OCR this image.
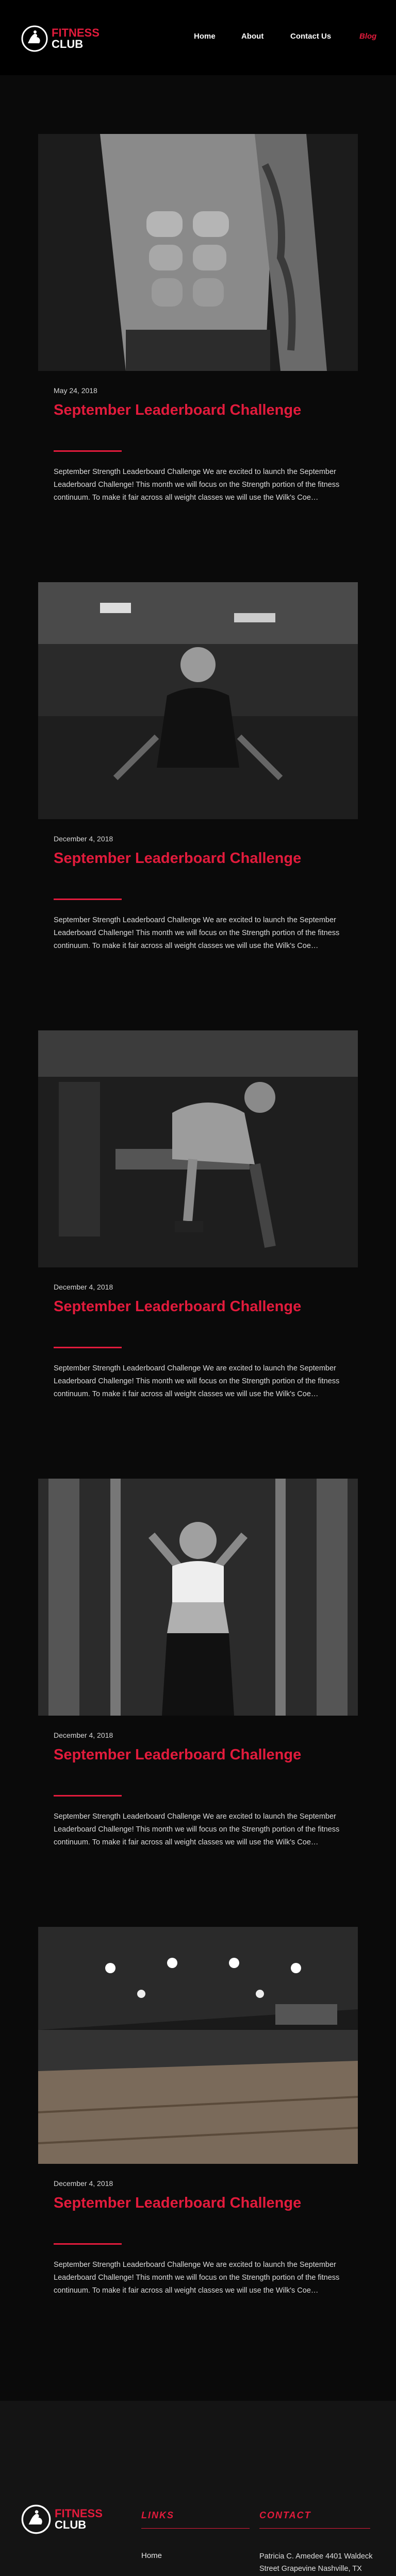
FITNESS
CLUB
Home	About	Contact Us	Blog
May 24, 2018
September Leaderboard Challenge
September Strength Leaderboard Challenge We are excited to launch the September Leaderboard Challenge! This month we will focus on the Strength portion of the fitness continuum. To make it fair across all weight classes we will use the Wilk's Coe…
December 4, 2018
September Leaderboard Challenge
September Strength Leaderboard Challenge We are excited to launch the September Leaderboard Challenge! This month we will focus on the Strength portion of the fitness continuum. To make it fair across all weight classes we will use the Wilk's Coe…
December 4, 2018
September Leaderboard Challenge
September Strength Leaderboard Challenge We are excited to launch the September Leaderboard Challenge! This month we will focus on the Strength portion of the fitness continuum. To make it fair across all weight classes we will use the Wilk's Coe…
December 4, 2018
September Leaderboard Challenge
September Strength Leaderboard Challenge We are excited to launch the September Leaderboard Challenge! This month we will focus on the Strength portion of the fitness continuum. To make it fair across all weight classes we will use the Wilk's Coe…
December 4, 2018
September Leaderboard Challenge
September Strength Leaderboard Challenge We are excited to launch the September Leaderboard Challenge! This month we will focus on the Strength portion of the fitness continuum. To make it fair across all weight classes we will use the Wilk's Coe…
FITNESS
CLUB
LINKS
Home
CONTACT

Patricia C. Amedee 4401 Waldeck Street Grapevine Nashville, TX
